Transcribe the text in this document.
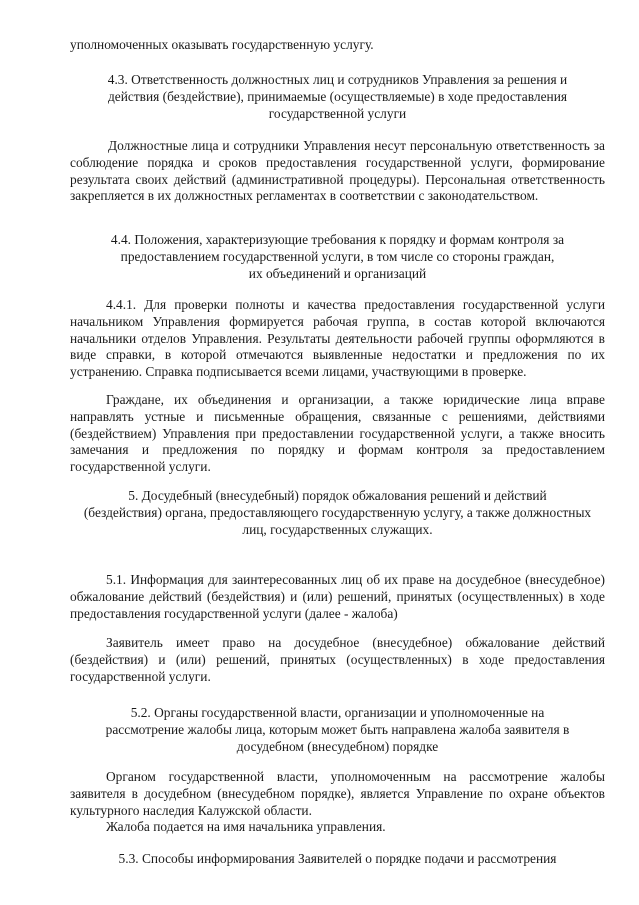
уполномоченных оказывать государственную услугу.

4.3. Ответственность должностных лиц и сотрудников Управления за решения и
действия (бездействие), принимаемые (осуществляемые) в ходе предоставления
государственной услуги

Должностные лица и сотрудники Управления несут персональную ответственность за соблюдение порядка и сроков предоставления государственной услуги, формирование результата своих действий (административной процедуры). Персональная ответственность закрепляется в их должностных регламентах в соответствии с законодательством.

4.4. Положения, характеризующие требования к порядку и формам контроля за
предоставлением государственной услуги, в том числе со стороны граждан,
их объединений и организаций

4.4.1. Для проверки полноты и качества предоставления государственной услуги начальником Управления формируется рабочая группа, в состав которой включаются начальники отделов Управления. Результаты деятельности рабочей группы оформляются в виде справки, в которой отмечаются выявленные недостатки и предложения по их устранению. Справка подписывается всеми лицами, участвующими в проверке.

Граждане, их объединения и организации, а также юридические лица вправе направлять устные и письменные обращения, связанные с решениями, действиями (бездействием) Управления при предоставлении государственной услуги, а также вносить замечания и предложения по порядку и формам контроля за предоставлением государственной услуги.

5. Досудебный (внесудебный) порядок обжалования решений и действий
(бездействия) органа, предоставляющего государственную услугу, а также должностных
лиц, государственных служащих.

5.1. Информация для заинтересованных лиц об их праве на досудебное (внесудебное) обжалование действий (бездействия) и (или) решений, принятых (осуществленных) в ходе предоставления государственной услуги (далее - жалоба)

Заявитель имеет право на досудебное (внесудебное) обжалование действий (бездействия) и (или) решений, принятых (осуществленных) в ходе предоставления государственной услуги.

5.2. Органы государственной власти, организации и уполномоченные на
рассмотрение жалобы лица, которым может быть направлена жалоба заявителя в
досудебном (внесудебном) порядке

Органом государственной власти, уполномоченным на рассмотрение жалобы заявителя в досудебном (внесудебном порядке), является Управление по охране объектов культурного наследия Калужской области.

Жалоба подается на имя начальника управления.

5.3. Способы информирования Заявителей о порядке подачи и рассмотрения
